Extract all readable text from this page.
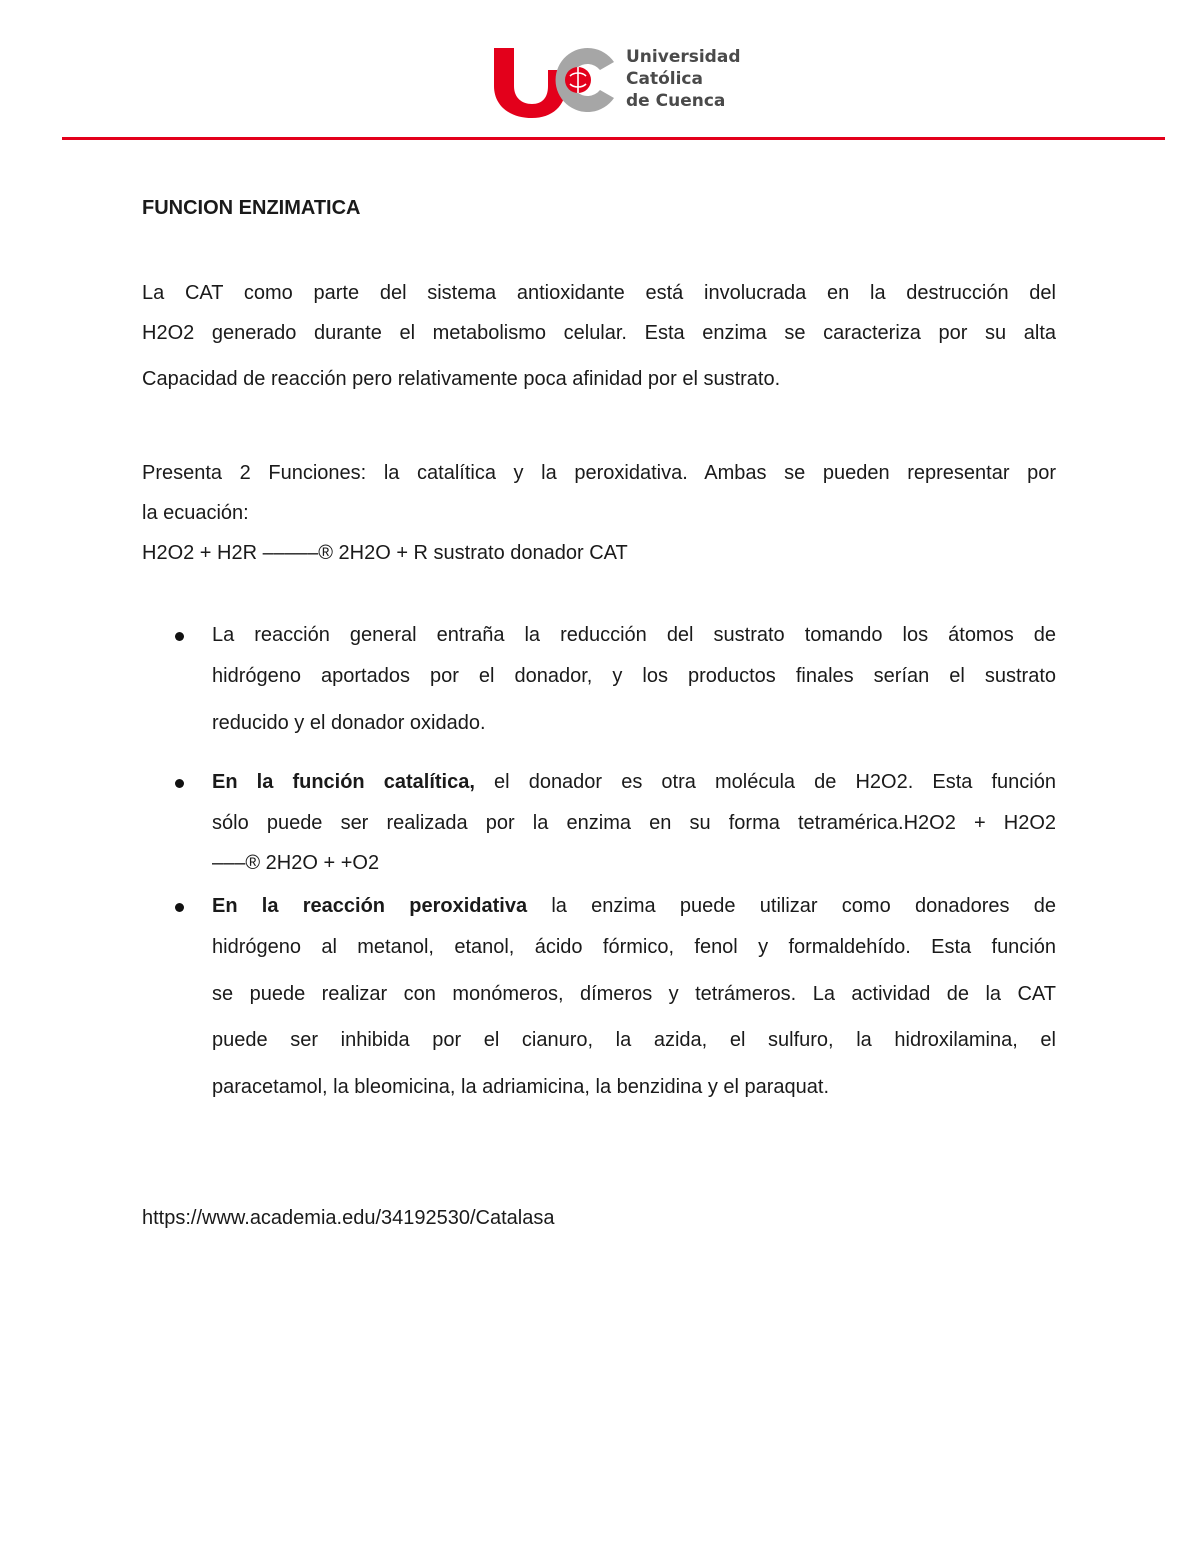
Universidad
Católica
de Cuenca
FUNCION ENZIMATICA
La CAT como parte del sistema antioxidante está involucrada en la destrucción del
H2O2 generado durante el metabolismo celular. Esta enzima se caracteriza por su alta
Capacidad de reacción pero relativamente poca afinidad por el sustrato.
Presenta 2 Funciones: la catalítica y la peroxidativa. Ambas se pueden representar por
la ecuación:
H2O2 + H2R –––––® 2H2O + R sustrato donador CAT
La reacción general entraña la reducción del sustrato tomando los átomos de
hidrógeno aportados por el donador, y los productos finales serían el sustrato
reducido y el donador oxidado.
En la función catalítica, el donador es otra molécula de H2O2. Esta función
sólo puede ser realizada por la enzima en su forma tetramérica.H2O2 + H2O2
–––® 2H2O + +O2
En la reacción peroxidativa la enzima puede utilizar como donadores de
hidrógeno al metanol, etanol, ácido fórmico, fenol y formaldehído. Esta función
se puede realizar con monómeros, dímeros y tetrámeros. La actividad de la CAT
puede ser inhibida por el cianuro, la azida, el sulfuro, la hidroxilamina, el
paracetamol, la bleomicina, la adriamicina, la benzidina y el paraquat.
https://www.academia.edu/34192530/Catalasa
